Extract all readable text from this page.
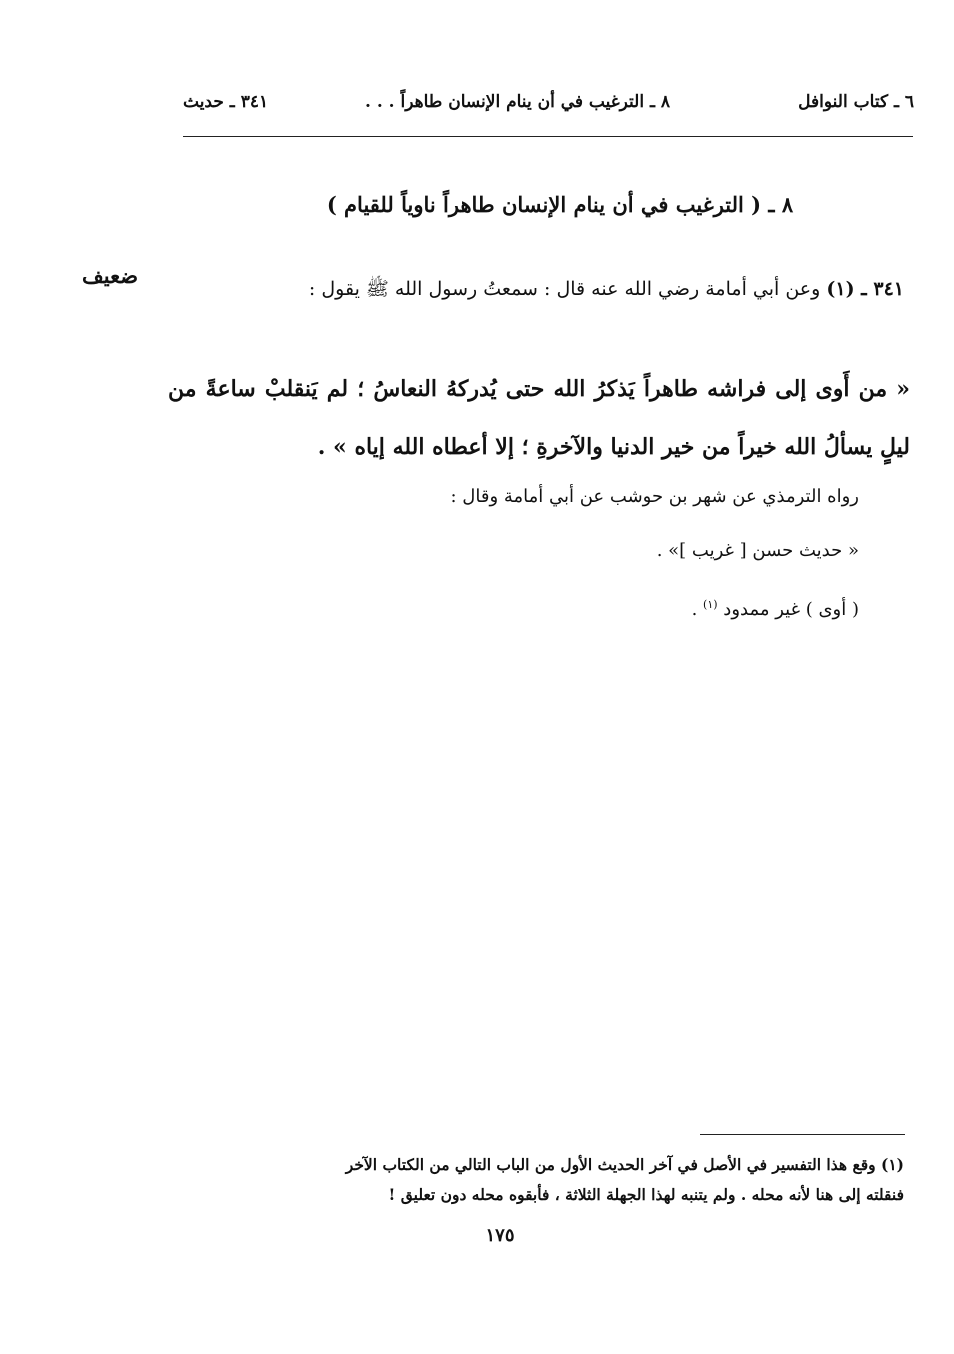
٦ ـ كتاب النوافل
٨ ـ الترغيب في أن ينام الإنسان طاهراً . . .
٣٤١ ـ حديث
٨ ـ ( الترغيب في أن ينام الإنسان طاهراً ناوياً للقيام )
ضعيف
٣٤١ ـ (١) وعن أبي أمامة رضي الله عنه قال : سمعتُ رسول الله ﷺ يقول :
« من أَوى إلى فراشه طاهراً يَذكرُ الله حتى يُدركهُ النعاسُ ؛ لم يَنقلبْ ساعةً من ليلٍ يسألُ الله خيراً من خير الدنيا والآخرةِ ؛ إلا أعطاه الله إياه » .

رواه الترمذي عن شهر بن حوشب عن أبي أمامة وقال :

« حديث حسن [ غريب ]» .

( أوى ) غير ممدود $^{(١)}$ .

(١) وقع هذا التفسير في الأصل في آخر الحديث الأول من الباب التالي من الكتاب الآخر

فنقلته إلى هنا لأنه محله . ولم يتنبه لهذا الجهلة الثلاثة ، فأبقوه محله دون تعليق !

١٧٥
